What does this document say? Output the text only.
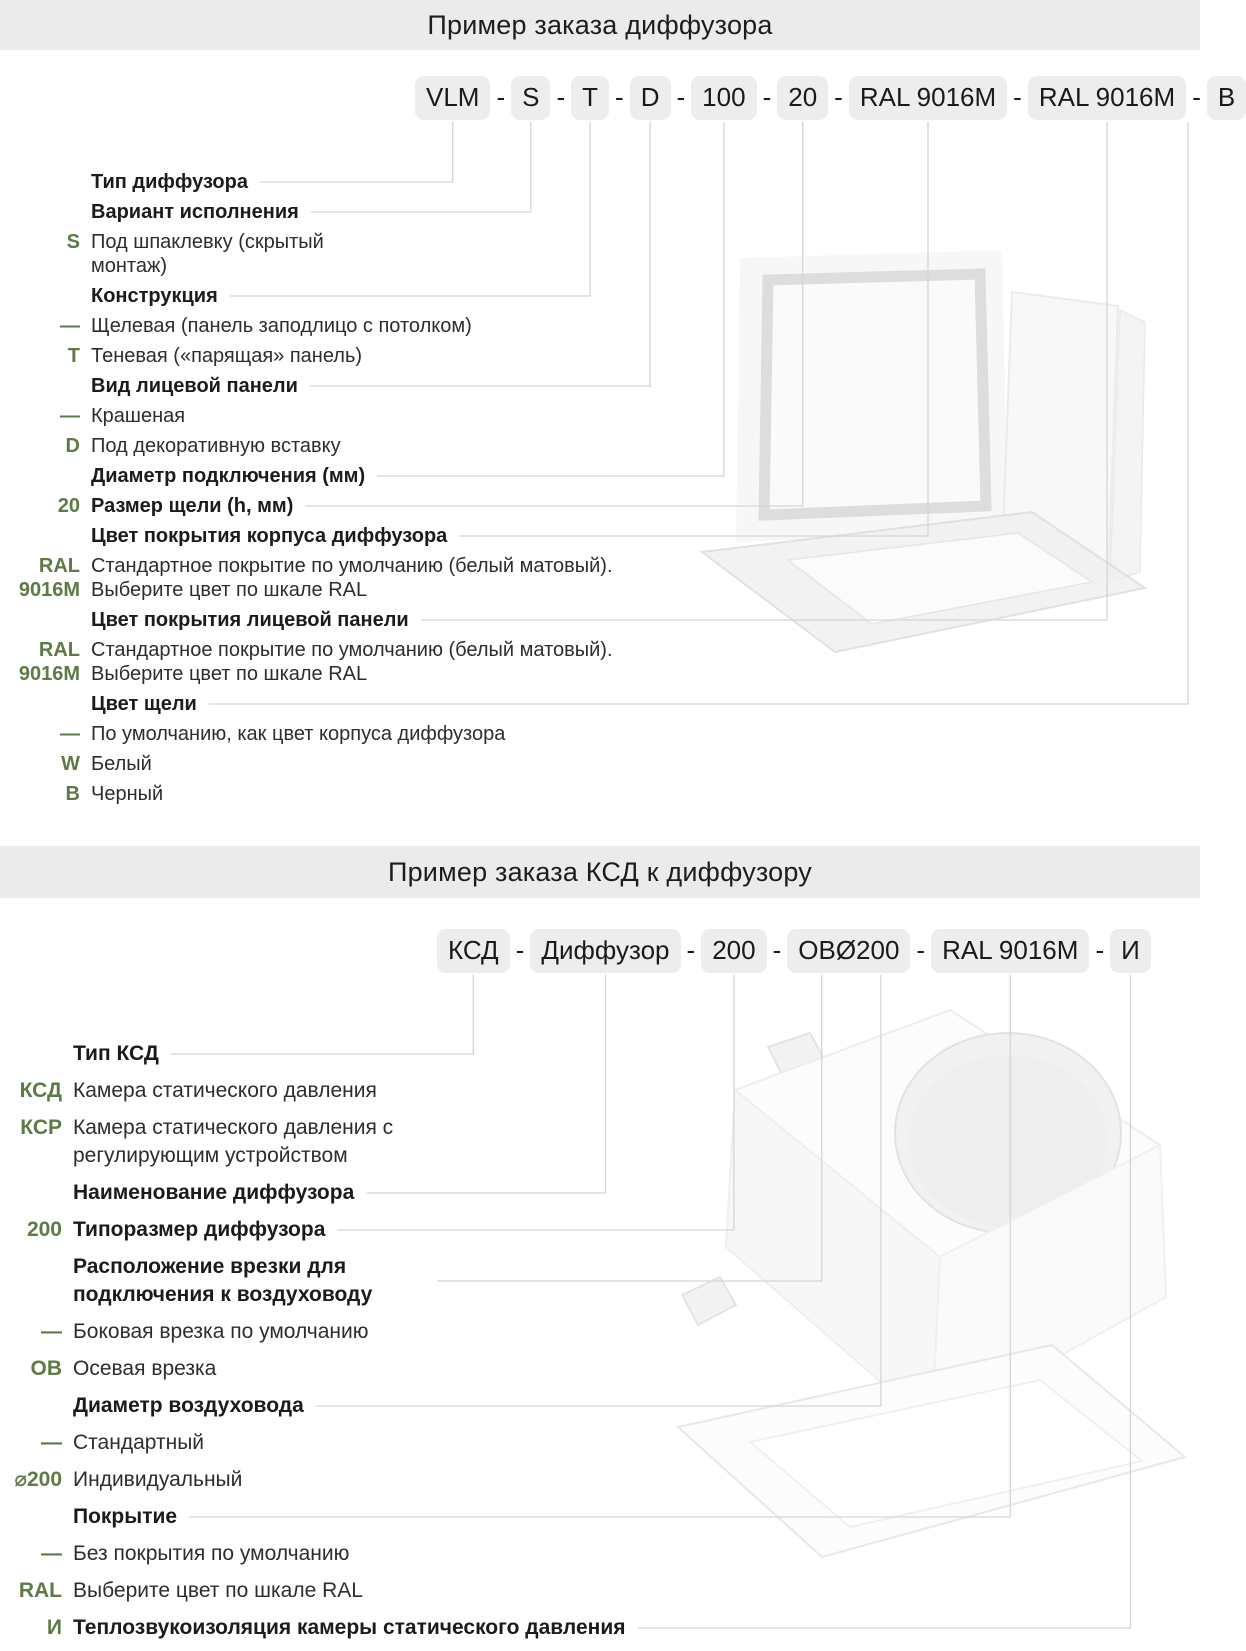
Пример заказа диффузора
VLM - S - T - D - 100 - 20 - RAL 9016M - RAL 9016M - B
Тип диффузора
Вариант исполнения
S Под шпаклевку (скрытый монтаж)
Конструкция
— Щелевая (панель заподлицо с потолком)
Т Теневая («парящая» панель)
Вид лицевой панели
— Крашеная
D Под декоративную вставку
Диаметр подключения (мм)
20 Размер щели (h, мм)
Цвет покрытия корпуса диффузора
RAL 9016M
Стандартное покрытие по умолчанию (белый матовый). Выберите цвет по шкале RAL
Цвет покрытия лицевой панели
RAL 9016M
Стандартное покрытие по умолчанию (белый матовый). Выберите цвет по шкале RAL
Цвет щели
— По умолчанию, как цвет корпуса диффузора
W Белый
B Черный
Пример заказа КСД к диффузору
КСД - Диффузор - 200 - ОВØ200 - RAL 9016M - И
Тип КСД
КСД Камера статического давления
КСР Камера статического давления с регулирующим устройством
Наименование диффузора
200 Типоразмер диффузора
Расположение врезки для подключения к воздуховоду
— Боковая врезка по умолчанию
ОВ Осевая врезка
Диаметр воздуховода
— Стандартный
⌀200 Индивидуальный
Покрытие
— Без покрытия по умолчанию
RAL Выберите цвет по шкале RAL
И Теплозвукоизоляция камеры статического давления
